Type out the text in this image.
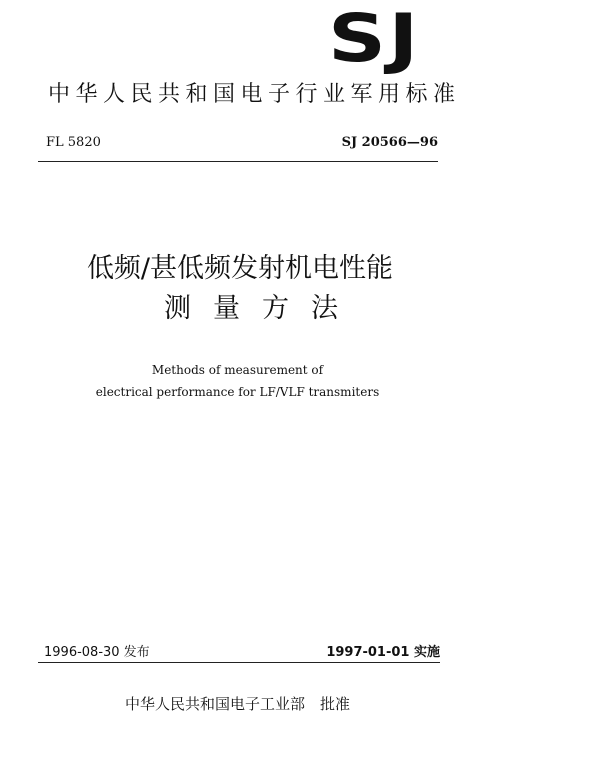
SJ
中华人民共和国电子行业军用标准
FL 5820	SJ 20566—96
低频/甚低频发射机电性能
测量方法
Methods of measurement of
electrical performance for LF/VLF transmiters
1996-08-30 发布	1997-01-01 实施
中华人民共和国电子工业部　批准
